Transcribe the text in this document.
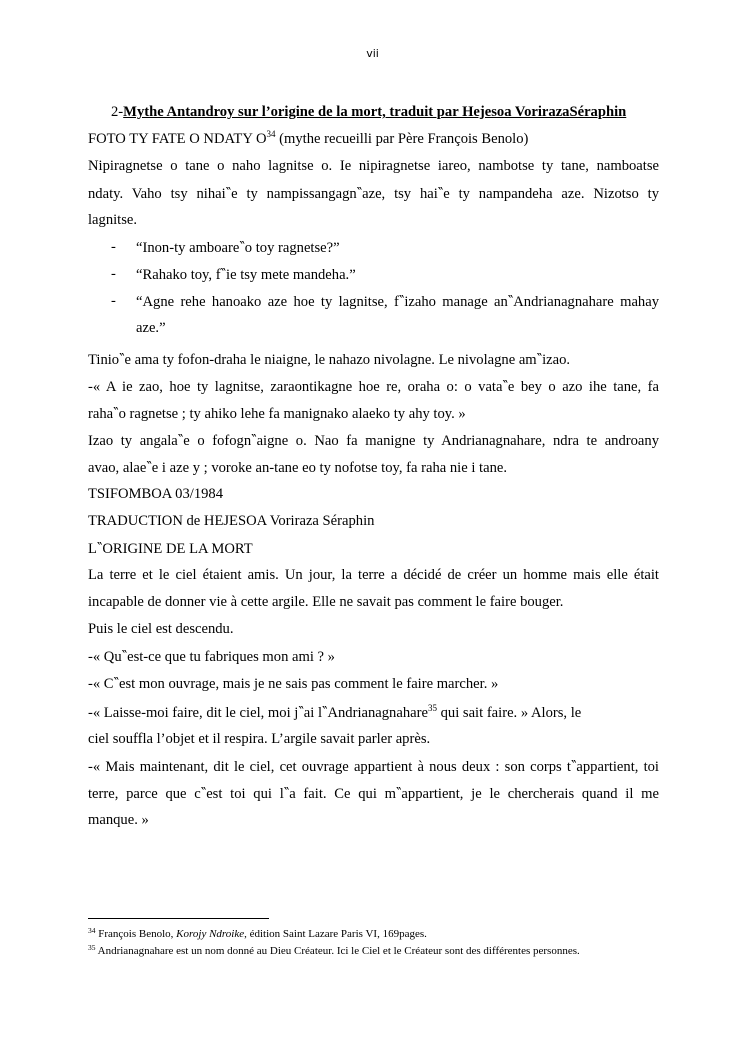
vii
2-Mythe Antandroy sur l’origine de la mort, traduit par Hejesoa VorirazaSéraphin
FOTO TY FATE O NDATY $O^{34}$ (mythe recueilli par Père François Benolo)
Nipiragnetse o tane o naho lagnitse o. Ie nipiragnetse iareo, nambotse ty tane, namboatse
ndaty. Vaho tsy nihai‶e ty nampissangagn‶aze, tsy hai‶e ty nampandeha aze. Nizotso ty
lagnitse.
- “Inon-ty amboare‶o toy ragnetse?”
- “Rahako toy, f‶ie tsy mete mandeha.”
- “Agne rehe hanoako aze hoe ty lagnitse, f‶izaho manage an‶Andrianagnahare mahay
aze.”
Tinio‶e ama ty fofon-draha le niaigne, le nahazo nivolagne. Le nivolagne am‶izao.
-« A ie zao, hoe ty lagnitse, zaraontikagne hoe re, oraha o: o vata‶e bey o azo ihe tane, fa
raha‶o ragnetse ; ty ahiko lehe fa manignako alaeko ty ahy toy. »
Izao ty angala‶e o fofogn‶aigne o. Nao fa manigne ty Andrianagnahare, ndra te androany
avao, alae‶e i aze y ; voroke an-tane eo ty nofotse toy, fa raha nie i tane.
TSIFOMBOA 03/1984
TRADUCTION de HEJESOA Voriraza Séraphin
L‶ORIGINE DE LA MORT
La terre et le ciel étaient amis. Un jour, la terre a décidé de créer un homme mais elle était
incapable de donner vie à cette argile. Elle ne savait pas comment le faire bouger.
Puis le ciel est descendu.
-« Qu‶est-ce que tu fabriques mon ami ? »
-« C‶est mon ouvrage, mais je ne sais pas comment le faire marcher. »
-« Laisse-moi faire, dit le ciel, moi j‶ai l‶Andrianagnahare$^{35}$ qui sait faire. » Alors, le
ciel souffla l’objet et il respira. L’argile savait parler après.
-« Mais maintenant, dit le ciel, cet ouvrage appartient à nous deux : son corps t‶appartient, toi
terre, parce que c‶est toi qui l‶a fait. Ce qui m‶appartient, je le chercherais quand il me
manque. »
$^{34}$ François Benolo, Korojy Ndroike, édition Saint Lazare Paris VI, 169pages.
$^{35}$ Andrianagnahare est un nom donné au Dieu Créateur. Ici le Ciel et le Créateur sont des différentes personnes.
